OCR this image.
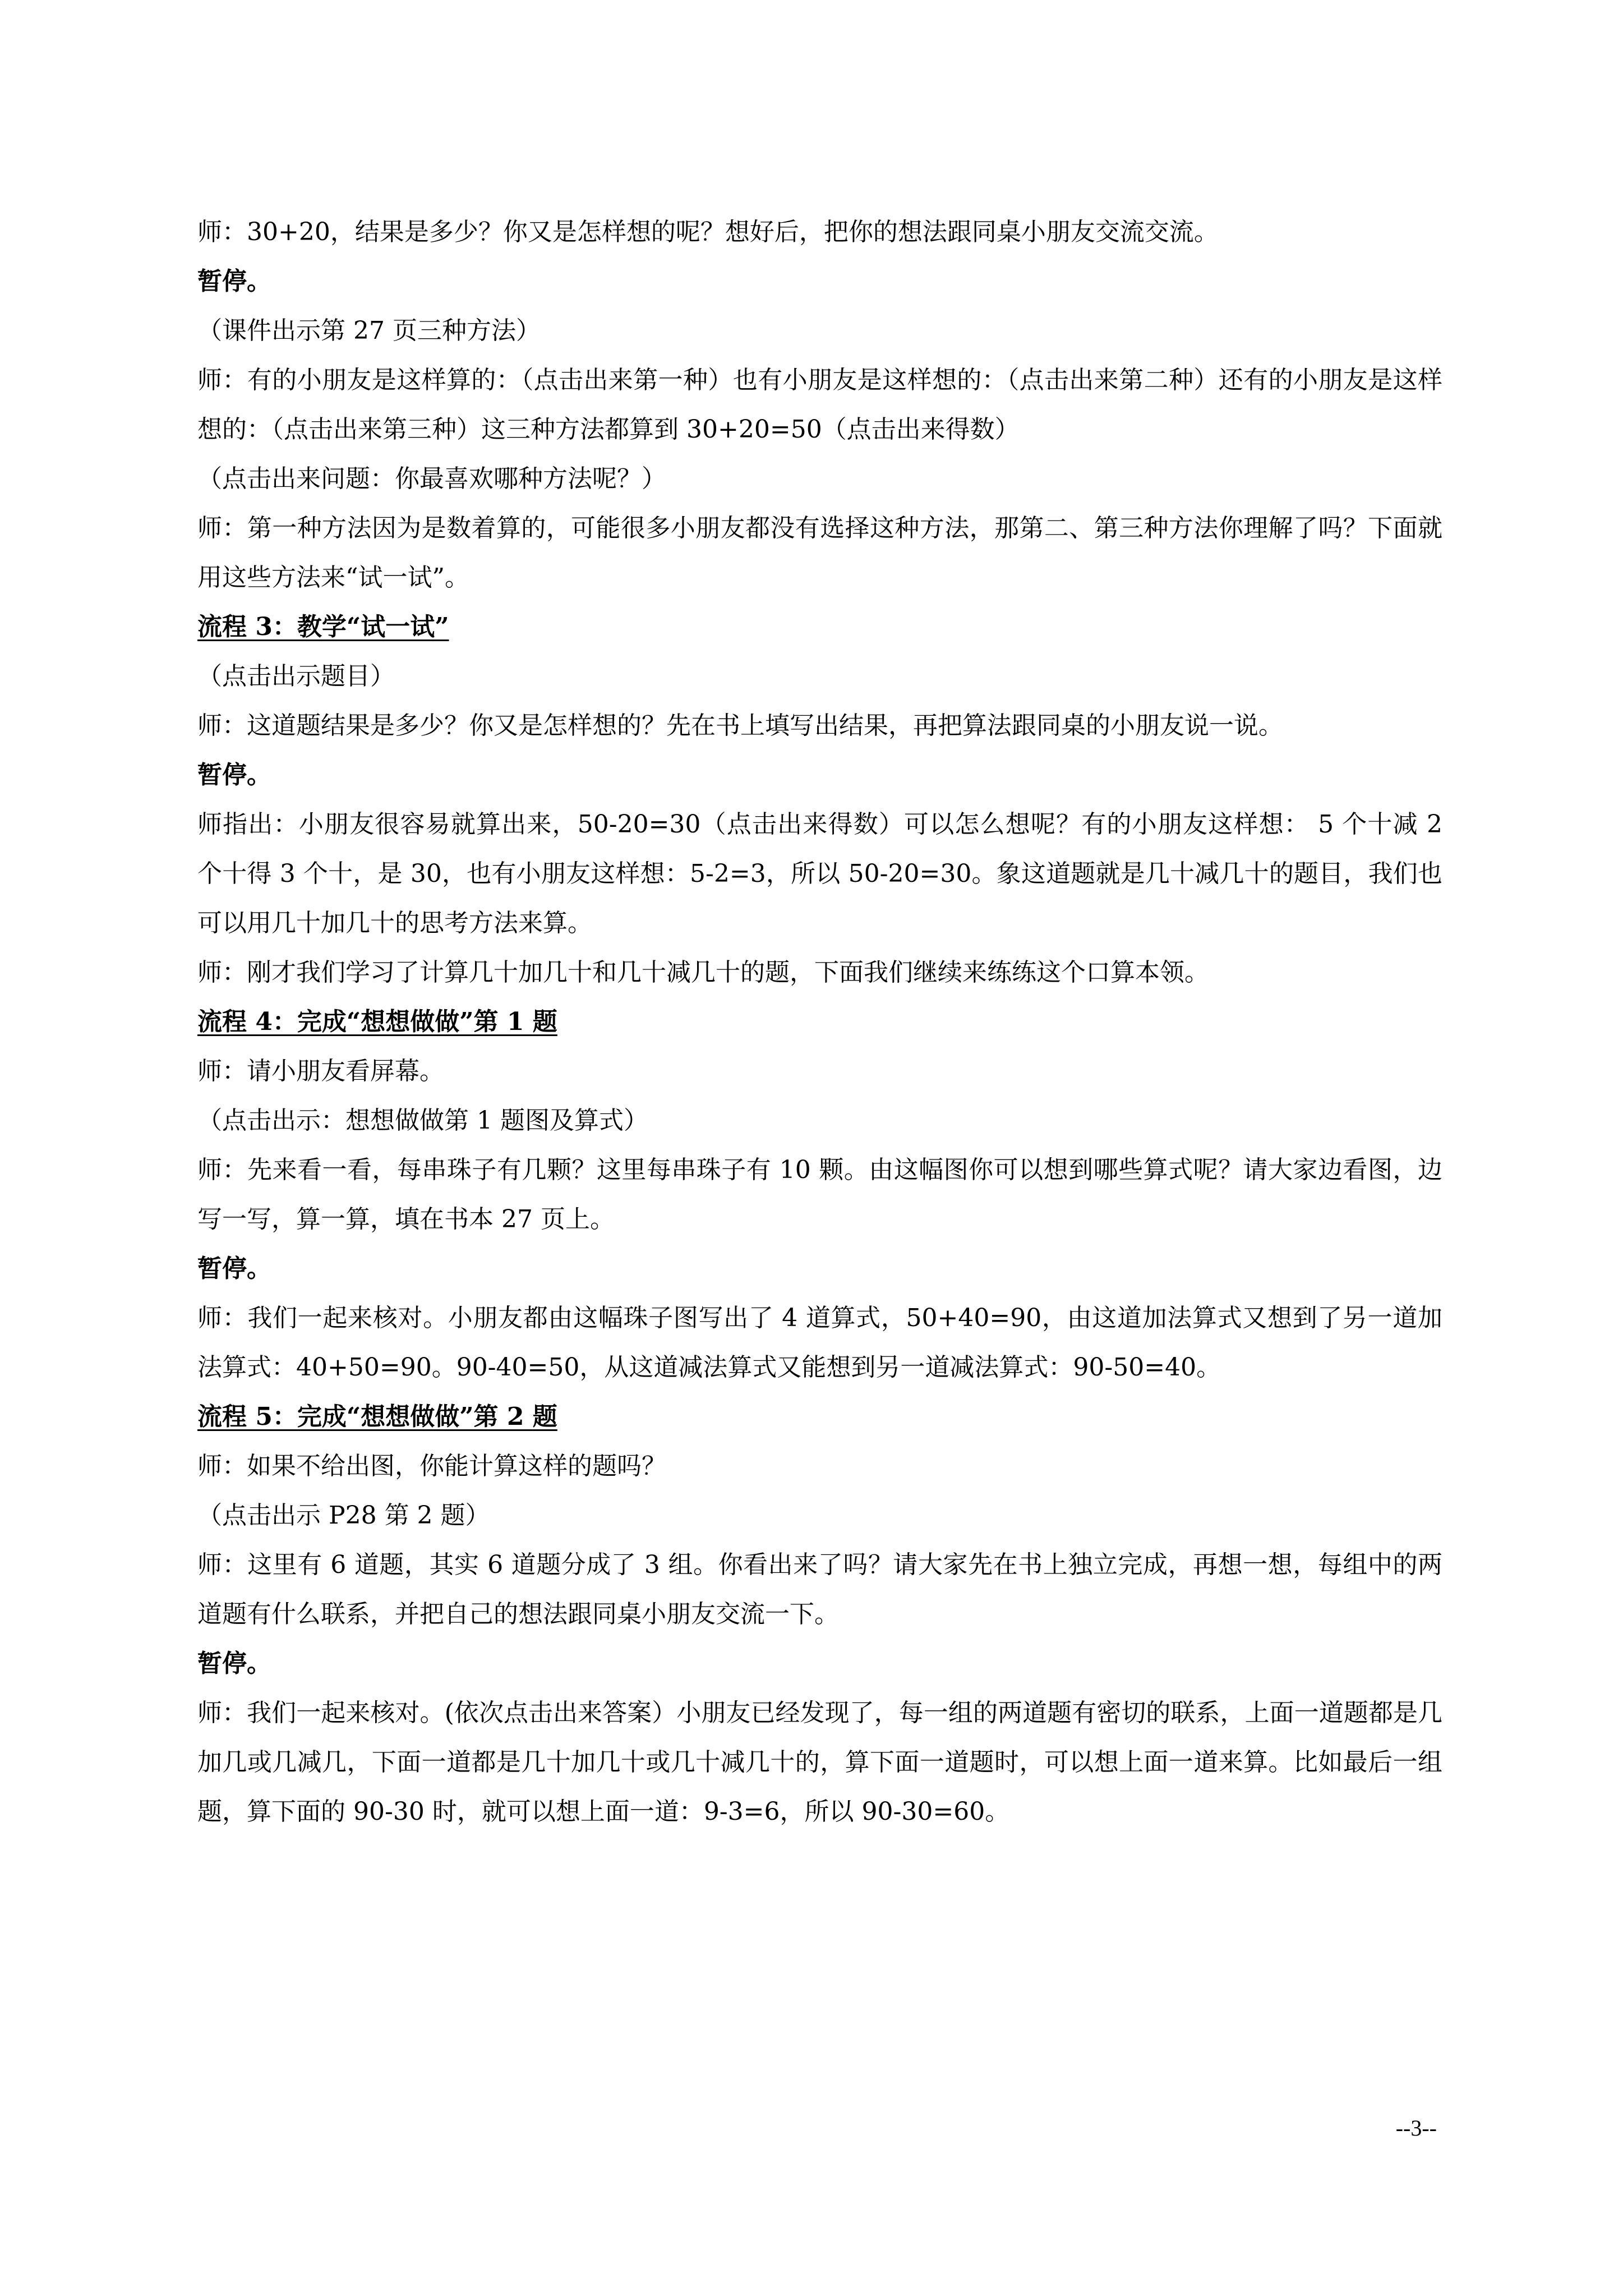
师：30+20，结果是多少？你又是怎样想的呢？想好后，把你的想法跟同桌小朋友交流交流。

暂停。

（课件出示第 27 页三种方法）

师：有的小朋友是这样算的：（点击出来第一种）也有小朋友是这样想的：（点击出来第二种）还有的小朋友是这样想的：（点击出来第三种）这三种方法都算到 30+20=50（点击出来得数）

（点击出来问题：你最喜欢哪种方法呢？）

师：第一种方法因为是数着算的，可能很多小朋友都没有选择这种方法，那第二、第三种方法你理解了吗？下面就用这些方法来“试一试”。

流程 3：教学“试一试”

（点击出示题目）

师：这道题结果是多少？你又是怎样想的？先在书上填写出结果，再把算法跟同桌的小朋友说一说。

暂停。

师指出：小朋友很容易就算出来，50-20=30（点击出来得数）可以怎么想呢？有的小朋友这样想： 5 个十减 2 个十得 3 个十，是 30，也有小朋友这样想：5-2=3，所以 50-20=30。象这道题就是几十减几十的题目，我们也可以用几十加几十的思考方法来算。

师：刚才我们学习了计算几十加几十和几十减几十的题，下面我们继续来练练这个口算本领。

流程 4：完成“想想做做”第 1 题

师：请小朋友看屏幕。

（点击出示：想想做做第 1 题图及算式）

师：先来看一看，每串珠子有几颗？这里每串珠子有 10 颗。由这幅图你可以想到哪些算式呢？请大家边看图，边写一写，算一算，填在书本 27 页上。

暂停。

师：我们一起来核对。小朋友都由这幅珠子图写出了 4 道算式，50+40=90，由这道加法算式又想到了另一道加法算式：40+50=90。90-40=50，从这道减法算式又能想到另一道减法算式：90-50=40。

流程 5：完成“想想做做”第 2 题

师：如果不给出图，你能计算这样的题吗？

（点击出示 P28 第 2 题）

师：这里有 6 道题，其实 6 道题分成了 3 组。你看出来了吗？请大家先在书上独立完成，再想一想，每组中的两道题有什么联系，并把自己的想法跟同桌小朋友交流一下。

暂停。

师：我们一起来核对。(依次点击出来答案）小朋友已经发现了，每一组的两道题有密切的联系，上面一道题都是几加几或几减几，下面一道都是几十加几十或几十减几十的，算下面一道题时，可以想上面一道来算。比如最后一组题，算下面的 90-30 时，就可以想上面一道：9-3=6，所以 90-30=60。

--3--
